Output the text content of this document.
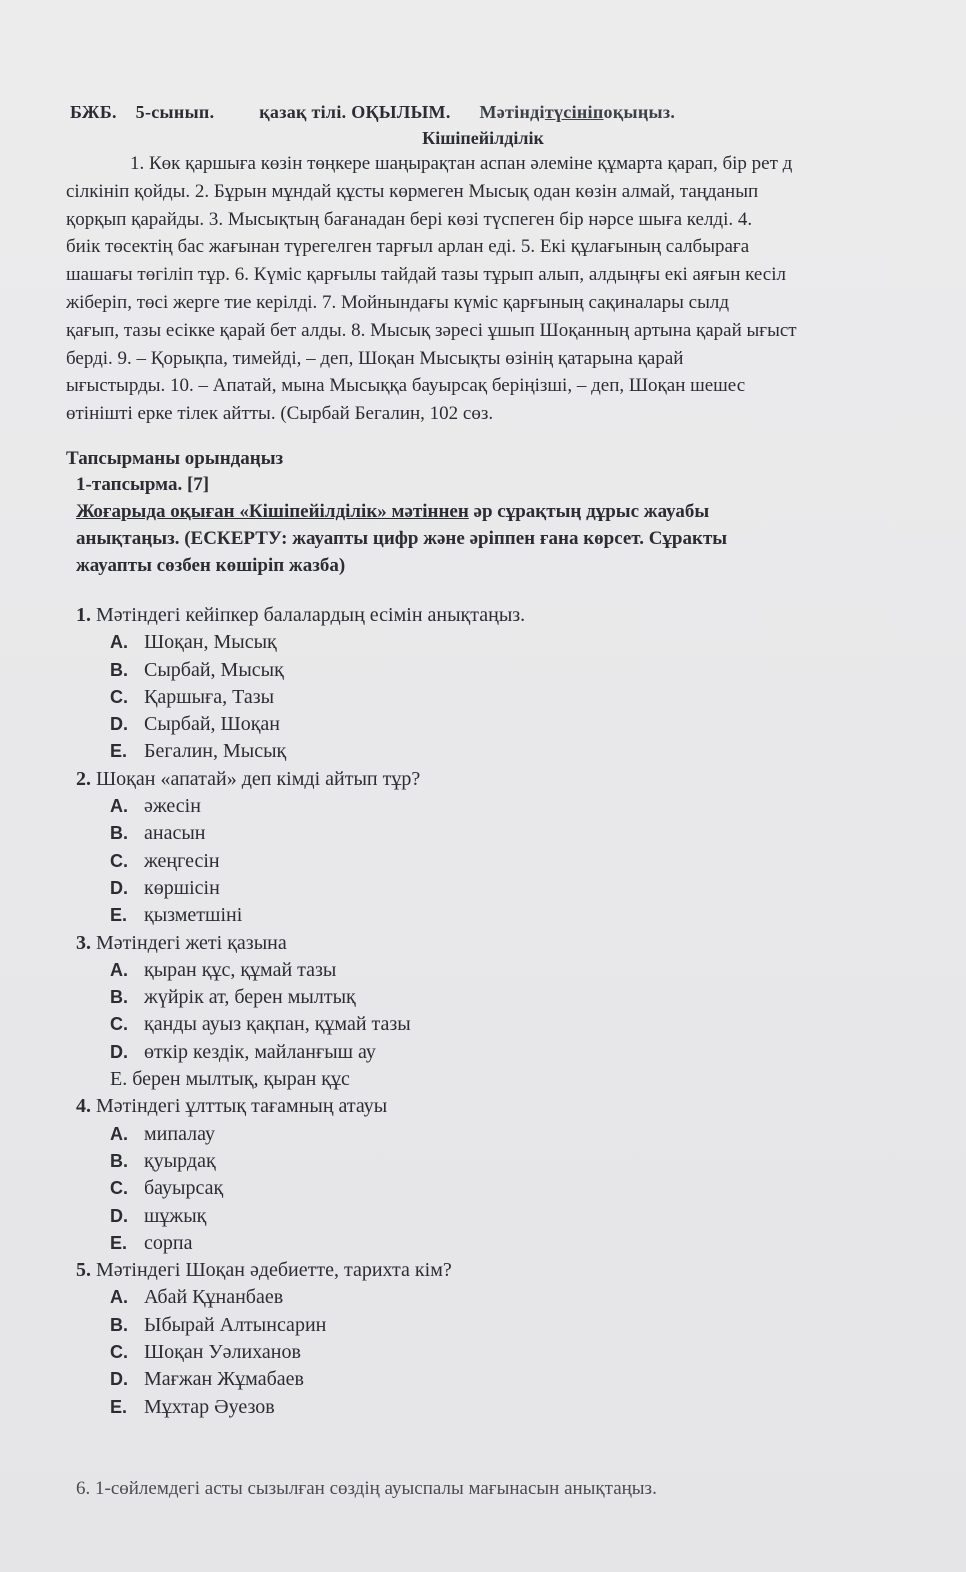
БЖБ. 5-сынып. қазақ тілі. ОҚЫЛЫМ. Мәтіндітүсініпоқыңыз.
Кішіпейілділік
1. Көк қаршыға көзін төңкере шаңырақтан аспан әлеміне құмарта қарап, бір рет д
сілкініп қойды. 2. Бұрын мұндай құсты көрмеген Мысық одан көзін алмай, таңданып
қорқып қарайды. 3. Мысықтың бағанадан бері көзі түспеген бір нәрсе шыға келді. 4.
биік төсектің бас жағынан түрегелген тарғыл арлан еді. 5. Екі құлағының салбыраға
шашағы төгіліп тұр. 6. Күміс қарғылы тайдай тазы тұрып алып, алдыңғы екі аяғын кесіл
жіберіп, төсі жерге тие керілді. 7. Мойнындағы күміс қарғының сақиналары сылд
қағып, тазы есікке қарай бет алды. 8. Мысық зәресі ұшып Шоқанның артына қарай ығыст
берді. 9. – Қорықпа, тимейді, – деп, Шоқан Мысықты өзінің қатарына қарай
ығыстырды. 10. – Апатай, мына Мысыққа бауырсақ беріңізші, – деп, Шоқан шешес
өтінішті ерке тілек айтты. (Сырбай Бегалин, 102 сөз.
Тапсырманы орындаңыз
1-тапсырма. [7]
Жоғарыда оқыған «Кішіпейілділік» мәтіннен әр сұрақтың дұрыс жауабы
анықтаңыз. (ЕСКЕРТУ: жауапты цифр және әріппен ғана көрсет. Сұракты
жауапты сөзбен көшіріп жазба)
1. Мәтіндегі кейіпкер балалардың есімін анықтаңыз.
A. Шоқан, Мысық
B. Сырбай, Мысық
C. Қаршыға, Тазы
D. Сырбай, Шоқан
E. Бегалин, Мысық
2. Шоқан «апатай» деп кімді айтып тұр?
A. әжесін
B. анасын
C. жеңгесін
D. көршісін
E. қызметшіні
3. Мәтіндегі жеті қазына
A. қыран құс, құмай тазы
B. жүйрік ат, берен мылтық
C. қанды ауыз қақпан, құмай тазы
D. өткір кездік, майланғыш ау
Е. берен мылтық, қыран құс
4. Мәтіндегі ұлттық тағамның атауы
A. мипалау
B. қуырдақ
C. бауырсақ
D. шұжық
E. сорпа
5. Мәтіндегі Шоқан әдебиетте, тарихта кім?
A. Абай Құнанбаев
B. Ыбырай Алтынсарин
C. Шоқан Уәлиханов
D. Мағжан Жұмабаев
E. Мұхтар Әуезов
6. 1-сөйлемдегі асты сызылған сөздің ауыспалы мағынасын анықтаңыз.
